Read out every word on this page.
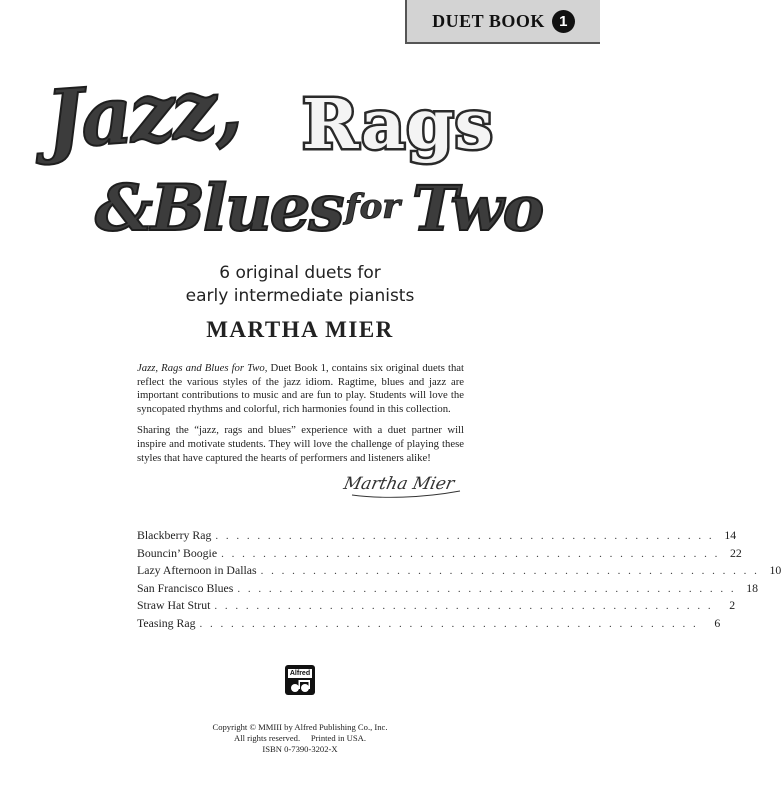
DUET BOOK 1
Jazz, Rags
&Blues for Two
6 original duets for
early intermediate pianists
MARTHA MIER

Jazz, Rags and Blues for Two, Duet Book 1, contains six original duets that reflect the various styles of the jazz idiom. Ragtime, blues and jazz are important contributions to music and are fun to play. Students will love the syncopated rhythms and colorful, rich harmonies found in this collection.

Sharing the “jazz, rags and blues” experience with a duet partner will inspire and motivate students. They will love the challenge of playing these styles that have captured the hearts of performers and listeners alike!

Martha Mier
Blackberry Rag . . . . . . . . . . . . . . . . . . . . . . . . . . . . . . . . . . . . . . . . . . . . . . . . 14
Bouncin’ Boogie . . . . . . . . . . . . . . . . . . . . . . . . . . . . . . . . . . . . . . . . . . . . . . . . 22
Lazy Afternoon in Dallas . . . . . . . . . . . . . . . . . . . . . . . . . . . . . . . . . . . . . . . . . . . . . . . . 10
San Francisco Blues . . . . . . . . . . . . . . . . . . . . . . . . . . . . . . . . . . . . . . . . . . . . . . . . 18
Straw Hat Strut . . . . . . . . . . . . . . . . . . . . . . . . . . . . . . . . . . . . . . . . . . . . . . . .	2
Teasing Rag . . . . . . . . . . . . . . . . . . . . . . . . . . . . . . . . . . . . . . . . . . . . . . . .	6
Alfred
Copyright © MMIII by Alfred Publishing Co., Inc.
All rights reserved.     Printed in USA.
ISBN 0-7390-3202-X
